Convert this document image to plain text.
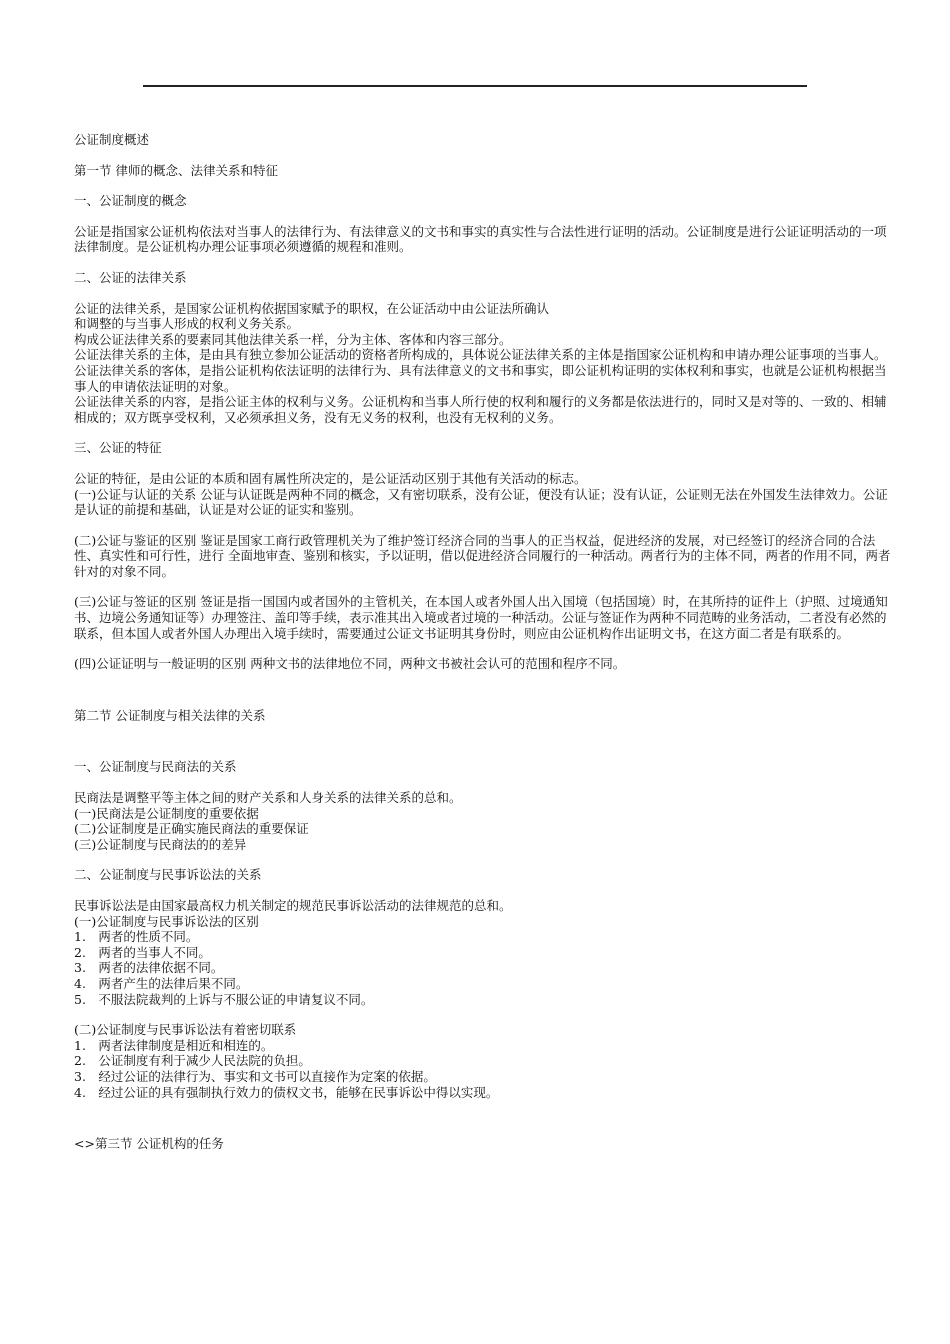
公证制度概述

第一节 律师的概念、法律关系和特征

一、公证制度的概念

公证是指国家公证机构依法对当事人的法律行为、有法律意义的文书和事实的真实性与合法性进行证明的活动。公证制度是进行公证证明活动的一项法律制度。是公证机构办理公证事项必须遵循的规程和准则。

二、公证的法律关系

公证的法律关系，是国家公证机构依据国家赋予的职权，在公证活动中由公证法所确认

和调整的与当事人形成的权利义务关系。

构成公证法律关系的要素同其他法律关系一样，分为主体、客体和内容三部分。

公证法律关系的主体，是由具有独立参加公证活动的资格者所构成的，具体说公证法律关系的主体是指国家公证机构和申请办理公证事项的当事人。

公证法律关系的客体，是指公证机构依法证明的法律行为、具有法律意义的文书和事实，即公证机构证明的实体权利和事实，也就是公证机构根据当事人的申请依法证明的对象。

公证法律关系的内容，是指公证主体的权利与义务。公证机构和当事人所行使的权利和履行的义务都是依法进行的，同时又是对等的、一致的、相辅相成的；双方既享受权利，又必须承担义务，没有无义务的权利，也没有无权利的义务。

三、公证的特征

公证的特征，是由公证的本质和固有属性所决定的，是公证活动区别于其他有关活动的标志。

(一)公证与认证的关系 公证与认证既是两种不同的概念，又有密切联系，没有公证，便没有认证；没有认证，公证则无法在外国发生法律效力。公证是认证的前提和基础，认证是对公证的证实和鉴别。

(二)公证与鉴证的区别 鉴证是国家工商行政管理机关为了维护签订经济合同的当事人的正当权益，促进经济的发展，对已经签订的经济合同的合法性、真实性和可行性，进行 全面地审查、鉴别和核实，予以证明，借以促进经济合同履行的一种活动。两者行为的主体不同，两者的作用不同，两者针对的对象不同。

(三)公证与签证的区别 签证是指一国国内或者国外的主管机关，在本国人或者外国人出入国境（包括国境）时，在其所持的证件上（护照、过境通知书、边境公务通知证等）办理签注、盖印等手续，表示准其出入境或者过境的一种活动。公证与签证作为两种不同范畴的业务活动，二者没有必然的联系，但本国人或者外国人办理出入境手续时，需要通过公证文书证明其身份时，则应由公证机构作出证明文书，在这方面二者是有联系的。

(四)公证证明与一般证明的区别 两种文书的法律地位不同，两种文书被社会认可的范围和程序不同。

第二节 公证制度与相关法律的关系

一、公证制度与民商法的关系

民商法是调整平等主体之间的财产关系和人身关系的法律关系的总和。

(一)民商法是公证制度的重要依据

(二)公证制度是正确实施民商法的重要保证

(三)公证制度与民商法的的差异

二、公证制度与民事诉讼法的关系

民事诉讼法是由国家最高权力机关制定的规范民事诉讼活动的法律规范的总和。

(一)公证制度与民事诉讼法的区别

1.　两者的性质不同。

2.　两者的当事人不同。

3.　两者的法律依据不同。

4.　两者产生的法律后果不同。

5.　不服法院裁判的上诉与不服公证的申请复议不同。

(二)公证制度与民事诉讼法有着密切联系

1.　两者法律制度是相近和相连的。

2.　公证制度有利于减少人民法院的负担。

3.　经过公证的法律行为、事实和文书可以直接作为定案的依据。

4.　经过公证的具有强制执行效力的债权文书，能够在民事诉讼中得以实现。

<>第三节 公证机构的任务
